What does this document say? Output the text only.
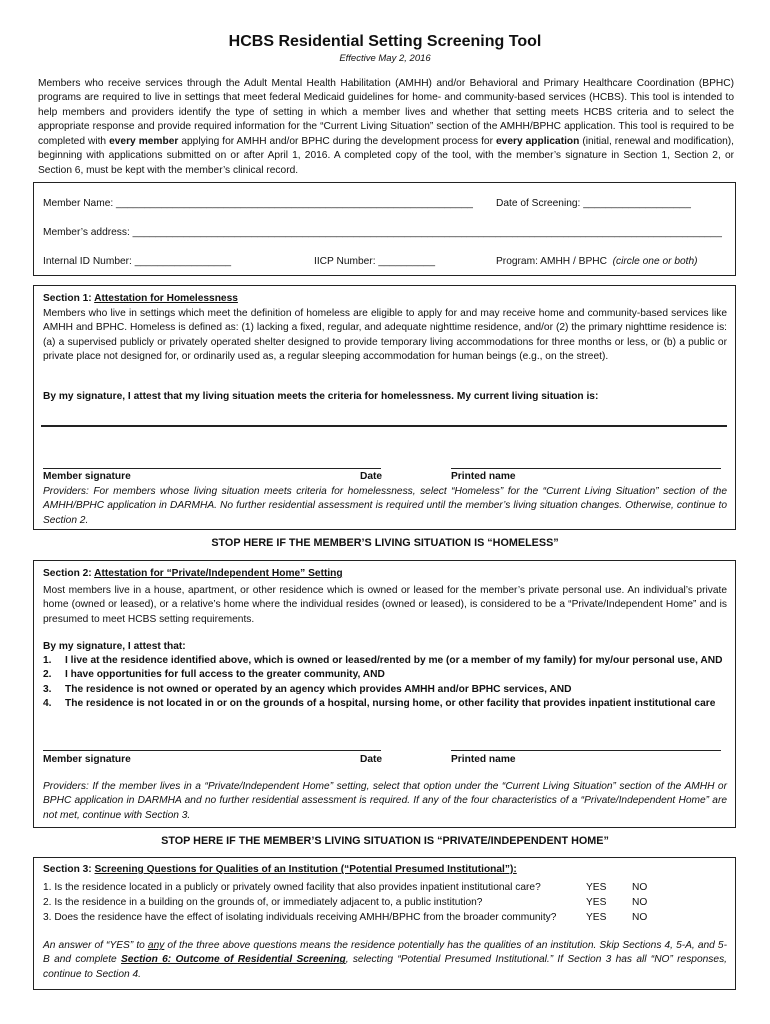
HCBS Residential Setting Screening Tool
Effective May 2, 2016
Members who receive services through the Adult Mental Health Habilitation (AMHH) and/or Behavioral and Primary Healthcare Coordination (BPHC) programs are required to live in settings that meet federal Medicaid guidelines for home- and community-based services (HCBS). This tool is intended to help members and providers identify the type of setting in which a member lives and whether that setting meets HCBS criteria and to select the appropriate response and provide required information for the “Current Living Situation” section of the AMHH/BPHC application. This tool is required to be completed with every member applying for AMHH and/or BPHC during the development process for every application (initial, renewal and modification), beginning with applications submitted on or after April 1, 2016. A completed copy of the tool, with the member’s signature in Section 1, Section 2, or Section 6, must be kept with the member’s clinical record.
Member Name: _______________________________________________________________ Date of Screening: ___________________
Member’s address: ________________________________________________________________________________________________________
Internal ID Number: _________________	IICP Number: __________	Program: AMHH / BPHC (circle one or both)
Section 1: Attestation for Homelessness
Members who live in settings which meet the definition of homeless are eligible to apply for and may receive home and community-based services like AMHH and BPHC. Homeless is defined as: (1) lacking a fixed, regular, and adequate nighttime residence, and/or (2) the primary nighttime residence is: (a) a supervised publicly or privately operated shelter designed to provide temporary living accommodations for three months or less, or (b) a public or private place not designed for, or ordinarily used as, a regular sleeping accommodation for human beings (e.g., on the street).
By my signature, I attest that my living situation meets the criteria for homelessness. My current living situation is:
Member signature	Date	Printed name
Providers: For members whose living situation meets criteria for homelessness, select “Homeless” for the “Current Living Situation” section of the AMHH/BPHC application in DARMHA. No further residential assessment is required until the member’s living situation changes. Otherwise, continue to Section 2.
STOP HERE IF THE MEMBER’S LIVING SITUATION IS “HOMELESS”
Section 2: Attestation for “Private/Independent Home” Setting
Most members live in a house, apartment, or other residence which is owned or leased for the member’s private personal use. An individual’s private home (owned or leased), or a relative’s home where the individual resides (owned or leased), is considered to be a “Private/Independent Home” and is presumed to meet HCBS setting requirements.
By my signature, I attest that:
1. I live at the residence identified above, which is owned or leased/rented by me (or a member of my family) for my/our personal use, AND
2. I have opportunities for full access to the greater community, AND
3. The residence is not owned or operated by an agency which provides AMHH and/or BPHC services, AND
4. The residence is not located in or on the grounds of a hospital, nursing home, or other facility that provides inpatient institutional care
Member signature	Date	Printed name
Providers: If the member lives in a “Private/Independent Home” setting, select that option under the “Current Living Situation” section of the AMHH or BPHC application in DARMHA and no further residential assessment is required. If any of the four characteristics of a “Private/Independent Home” are not met, continue with Section 3.
STOP HERE IF THE MEMBER’S LIVING SITUATION IS “PRIVATE/INDEPENDENT HOME”
Section 3: Screening Questions for Qualities of an Institution (“Potential Presumed Institutional”):
1. Is the residence located in a publicly or privately owned facility that also provides inpatient institutional care?	YES	NO
2. Is the residence in a building on the grounds of, or immediately adjacent to, a public institution?	YES	NO
3. Does the residence have the effect of isolating individuals receiving AMHH/BPHC from the broader community?	YES	NO
An answer of “YES” to any of the three above questions means the residence potentially has the qualities of an institution. Skip Sections 4, 5-A, and 5-B and complete Section 6: Outcome of Residential Screening, selecting “Potential Presumed Institutional.” If Section 3 has all “NO” responses, continue to Section 4.
